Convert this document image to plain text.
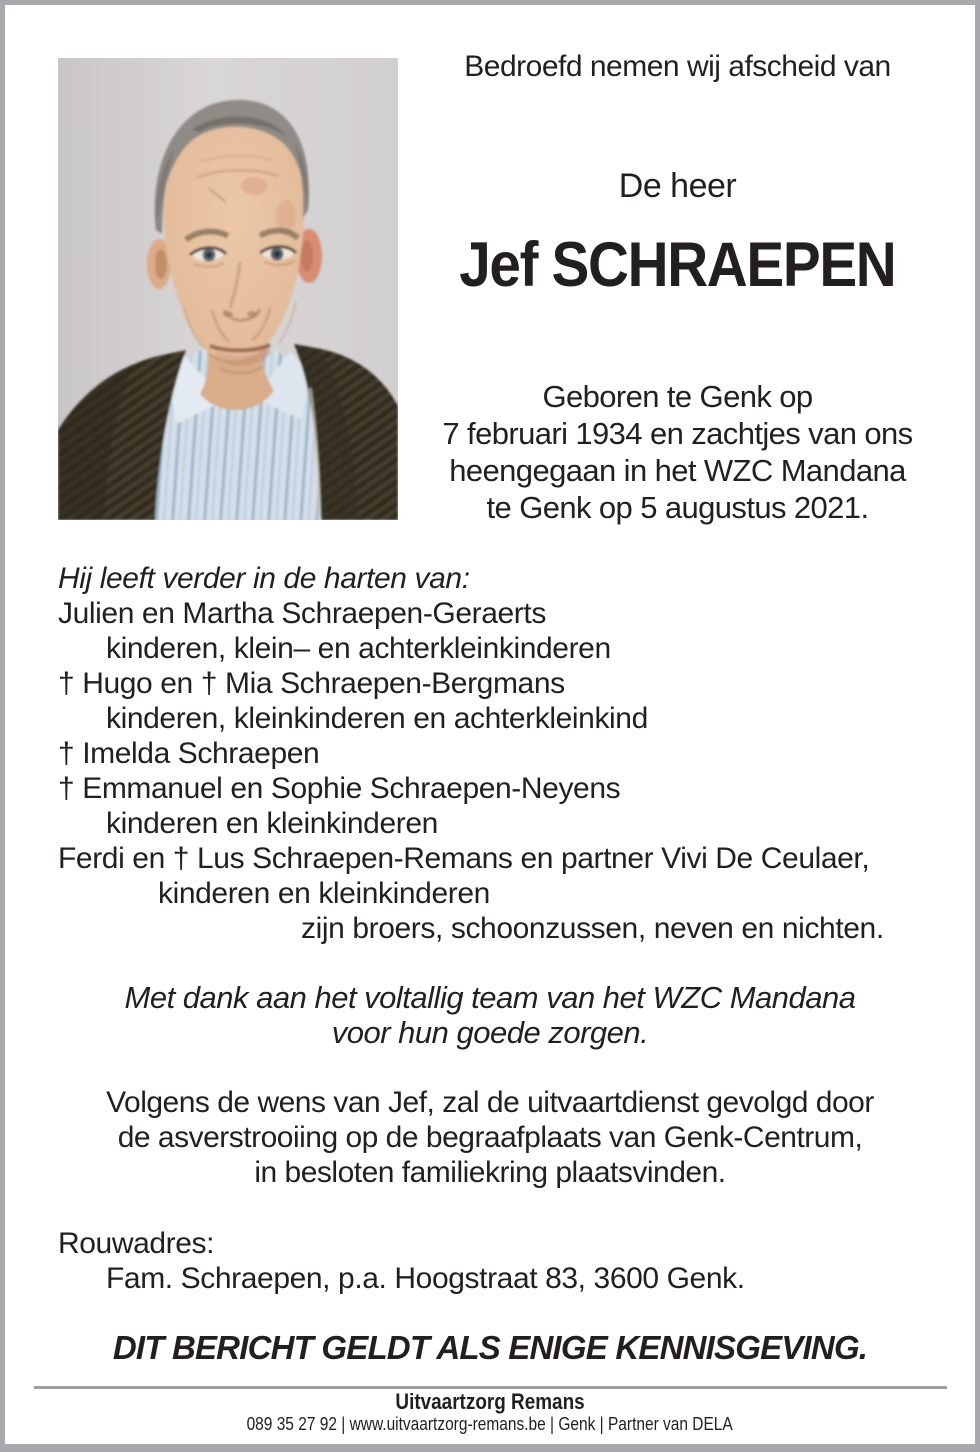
Bedroefd nemen wij afscheid van
De heer
Jef SCHRAEPEN
Geboren te Genk op
7 februari 1934 en zachtjes van ons
heengegaan in het WZC Mandana
te Genk op 5 augustus 2021.
Hij leeft verder in de harten van:
Julien en Martha Schraepen-Geraerts
kinderen, klein– en achterkleinkinderen
† Hugo en † Mia Schraepen-Bergmans
kinderen, kleinkinderen en achterkleinkind
† Imelda Schraepen
† Emmanuel en Sophie Schraepen-Neyens
kinderen en kleinkinderen
Ferdi en † Lus Schraepen-Remans en partner Vivi De Ceulaer,
kinderen en kleinkinderen
zijn broers, schoonzussen, neven en nichten.
Met dank aan het voltallig team van het WZC Mandana
voor hun goede zorgen.
Volgens de wens van Jef, zal de uitvaartdienst gevolgd door
de asverstrooiing op de begraafplaats van Genk-Centrum,
in besloten familiekring plaatsvinden.
Rouwadres:
Fam. Schraepen, p.a. Hoogstraat 83, 3600 Genk.
DIT BERICHT GELDT ALS ENIGE KENNISGEVING.
Uitvaartzorg Remans
089 35 27 92 | www.uitvaartzorg-remans.be | Genk | Partner van DELA
